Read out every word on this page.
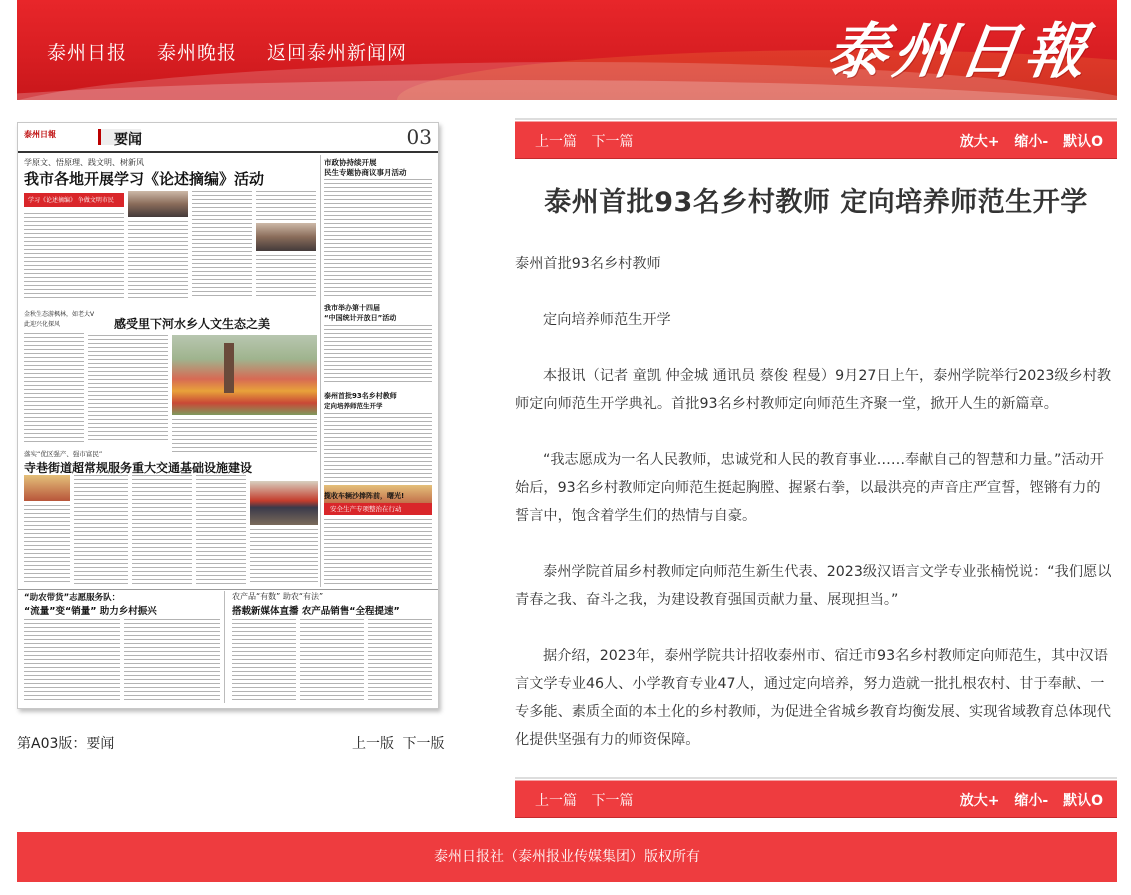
泰州日报 泰州晚报 返回泰州新闻网	泰州日報
泰州日報	要闻	03
学原文、悟原理、践文明、树新风
我市各地开展学习《论述摘编》活动
学习《论述摘编》 争做文明市民
市政协持续开展
民生专题协商议事月活动
我市举办第十四届
“中国统计开放日”活动
泰州首批93名乡村教师
定向培养师范生开学
揽收车辆沙捧阵前，曙光!
安全生产专项整治在行动
金秋生态游枫林，如老大V
此迎兴化探风	感受里下河水乡人文生态之美
落实“优区强产、强市富民”
寺巷街道超常规服务重大交通基础设施建设
“助农带货”志愿服务队：
“流量”变“销量” 助力乡村振兴
农产品“有数” 助农“有法”
搭载新媒体直播 农产品销售“全程提速”
第A03版：要闻	上一版 下一版
上一篇 下一篇	放大+ 缩小- 默认O
泰州首批93名乡村教师 定向培养师范生开学

泰州首批93名乡村教师

定向培养师范生开学

本报讯（记者 童凯 仲金城 通讯员 蔡俊 程曼）9月27日上午，泰州学院举行2023级乡村教师定向师范生开学典礼。首批93名乡村教师定向师范生齐聚一堂，掀开人生的新篇章。

“我志愿成为一名人民教师，忠诚党和人民的教育事业……奉献自己的智慧和力量。”活动开始后，93名乡村教师定向师范生挺起胸膛、握紧右拳，以最洪亮的声音庄严宣誓，铿锵有力的誓言中，饱含着学生们的热情与自豪。

泰州学院首届乡村教师定向师范生新生代表、2023级汉语言文学专业张楠悦说：“我们愿以青春之我、奋斗之我，为建设教育强国贡献力量、展现担当。”

据介绍，2023年，泰州学院共计招收泰州市、宿迁市93名乡村教师定向师范生，其中汉语言文学专业46人、小学教育专业47人，通过定向培养，努力造就一批扎根农村、甘于奉献、一专多能、素质全面的本土化的乡村教师，为促进全省城乡教育均衡发展、实现省域教育总体现代化提供坚强有力的师资保障。

上一篇 下一篇	放大+ 缩小- 默认O
泰州日报社（泰州报业传媒集团）版权所有
